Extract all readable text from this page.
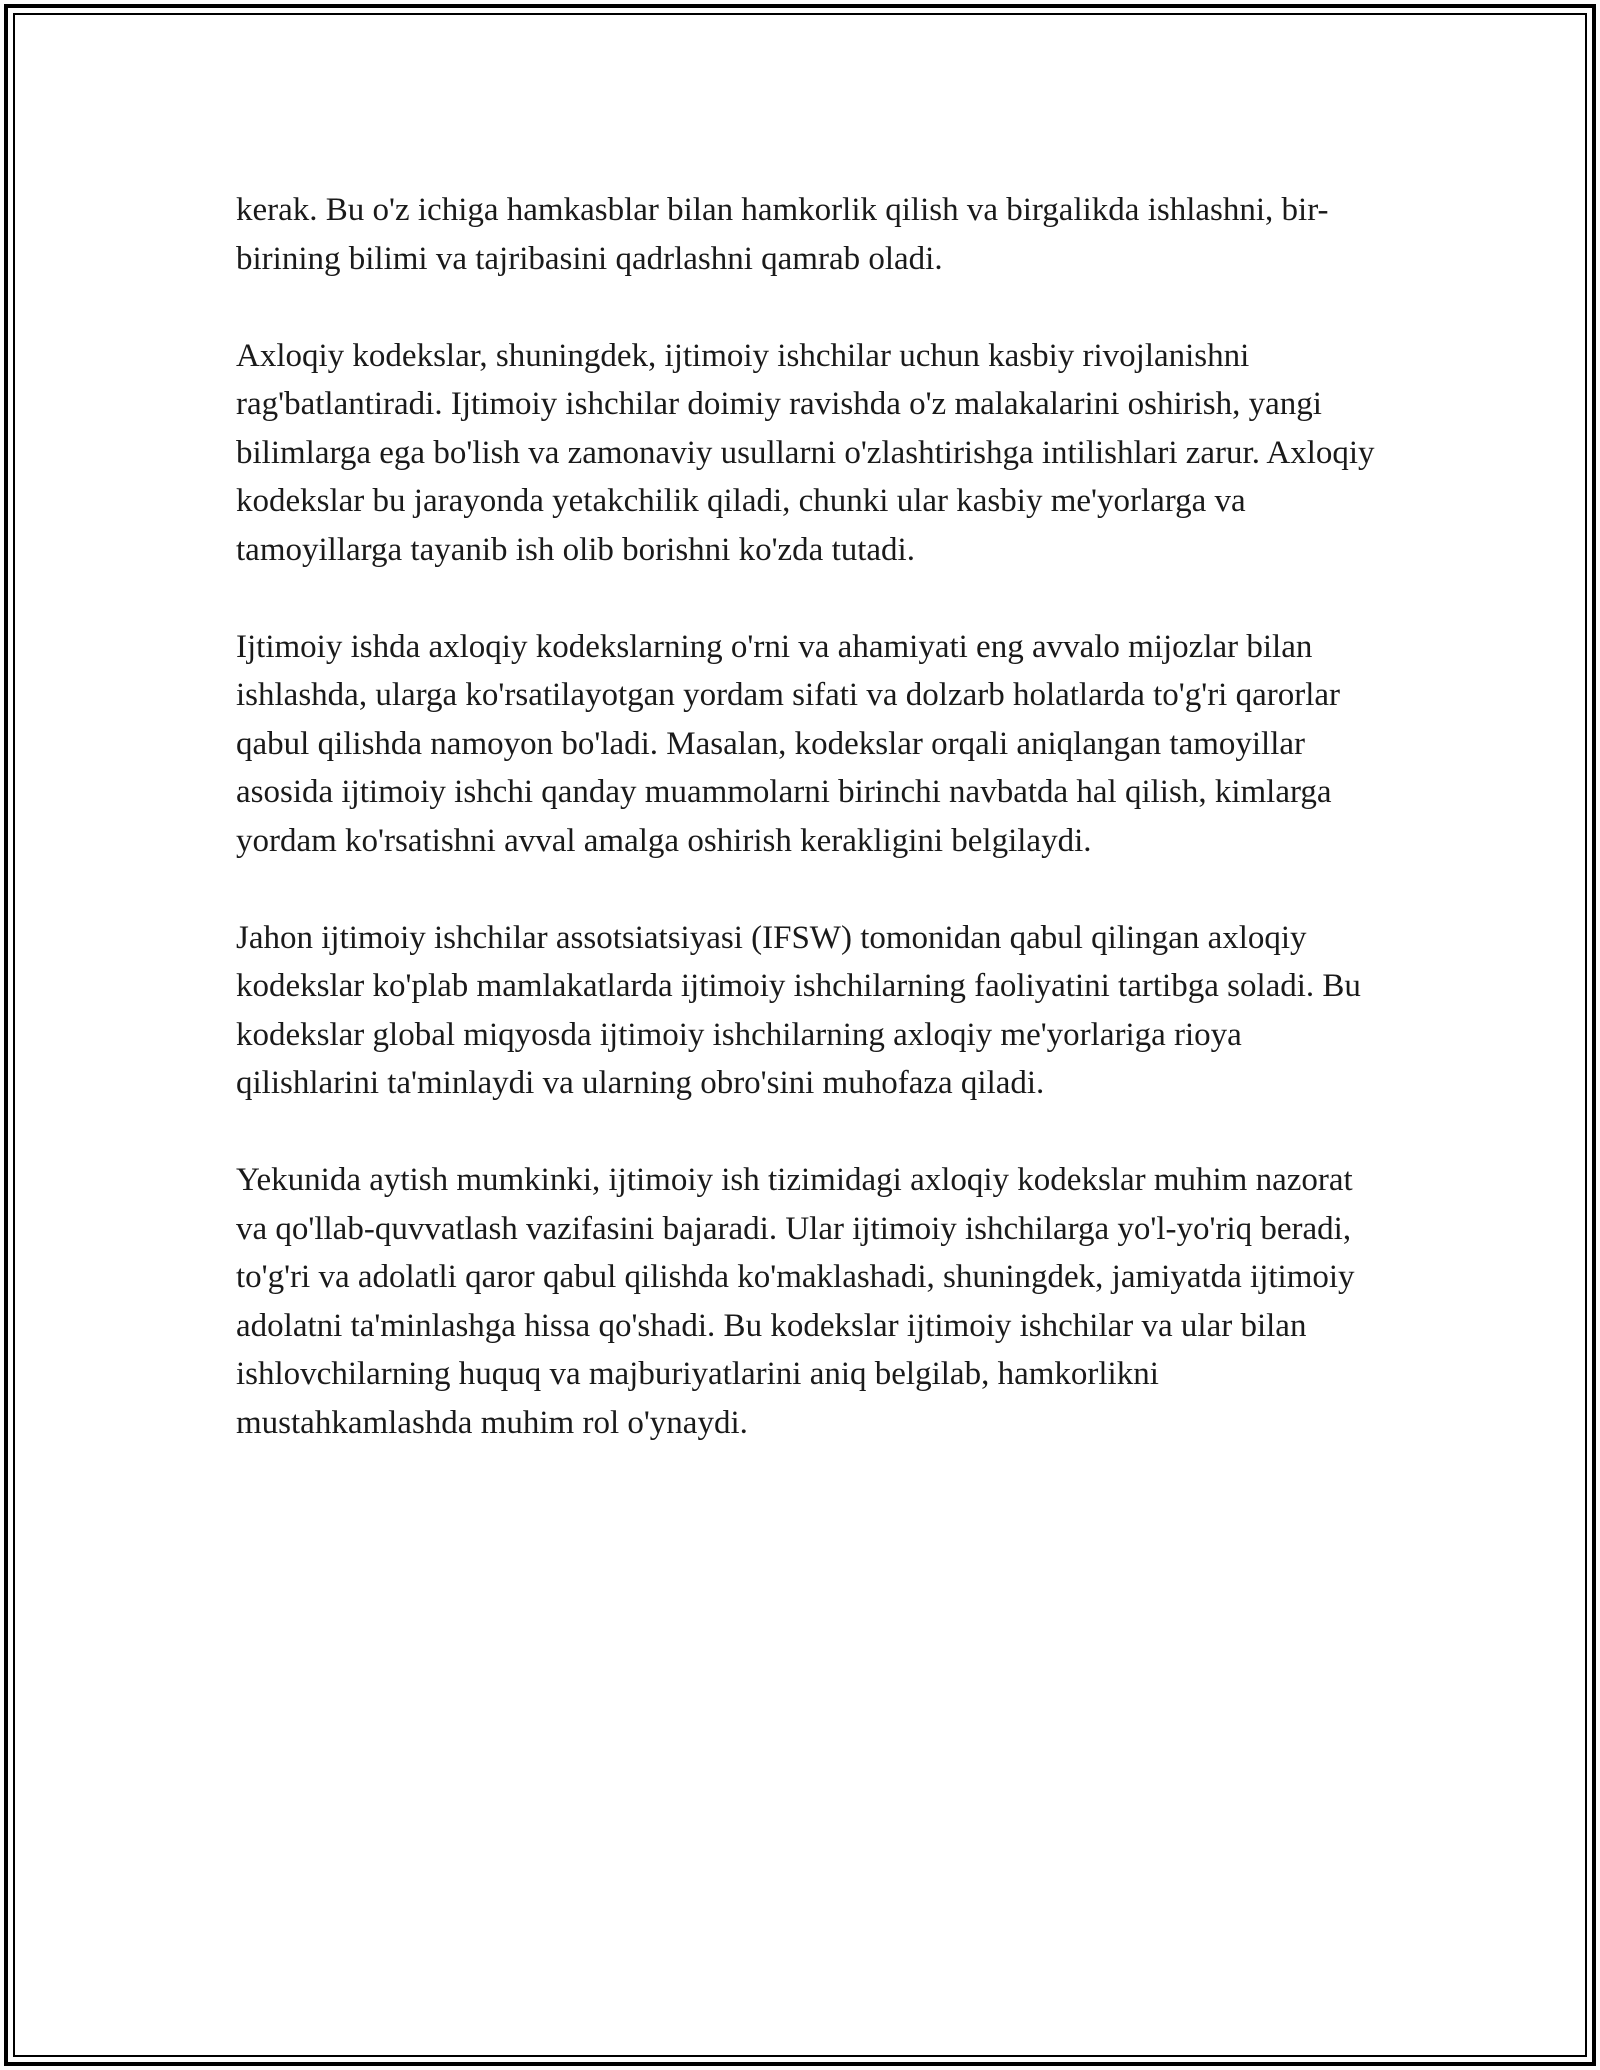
kerak. Bu o'z ichiga hamkasblar bilan hamkorlik qilish va birgalikda ishlashni, bir-birining bilimi va tajribasini qadrlashni qamrab oladi.

Axloqiy kodekslar, shuningdek, ijtimoiy ishchilar uchun kasbiy rivojlanishni rag'batlantiradi. Ijtimoiy ishchilar doimiy ravishda o'z malakalarini oshirish, yangi bilimlarga ega bo'lish va zamonaviy usullarni o'zlashtirishga intilishlari zarur. Axloqiy kodekslar bu jarayonda yetakchilik qiladi, chunki ular kasbiy me'yorlarga va tamoyillarga tayanib ish olib borishni ko'zda tutadi.

Ijtimoiy ishda axloqiy kodekslarning o'rni va ahamiyati eng avvalo mijozlar bilan ishlashda, ularga ko'rsatilayotgan yordam sifati va dolzarb holatlarda to'g'ri qarorlar qabul qilishda namoyon bo'ladi. Masalan, kodekslar orqali aniqlangan tamoyillar asosida ijtimoiy ishchi qanday muammolarni birinchi navbatda hal qilish, kimlarga yordam ko'rsatishni avval amalga oshirish kerakligini belgilaydi.

Jahon ijtimoiy ishchilar assotsiatsiyasi (IFSW) tomonidan qabul qilingan axloqiy kodekslar ko'plab mamlakatlarda ijtimoiy ishchilarning faoliyatini tartibga soladi. Bu kodekslar global miqyosda ijtimoiy ishchilarning axloqiy me'yorlariga rioya qilishlarini ta'minlaydi va ularning obro'sini muhofaza qiladi.

Yekunida aytish mumkinki, ijtimoiy ish tizimidagi axloqiy kodekslar muhim nazorat va qo'llab-quvvatlash vazifasini bajaradi. Ular ijtimoiy ishchilarga yo'l-yo'riq beradi, to'g'ri va adolatli qaror qabul qilishda ko'maklashadi, shuningdek, jamiyatda ijtimoiy adolatni ta'minlashga hissa qo'shadi. Bu kodekslar ijtimoiy ishchilar va ular bilan ishlovchilarning huquq va majburiyatlarini aniq belgilab, hamkorlikni mustahkamlashda muhim rol o'ynaydi.
